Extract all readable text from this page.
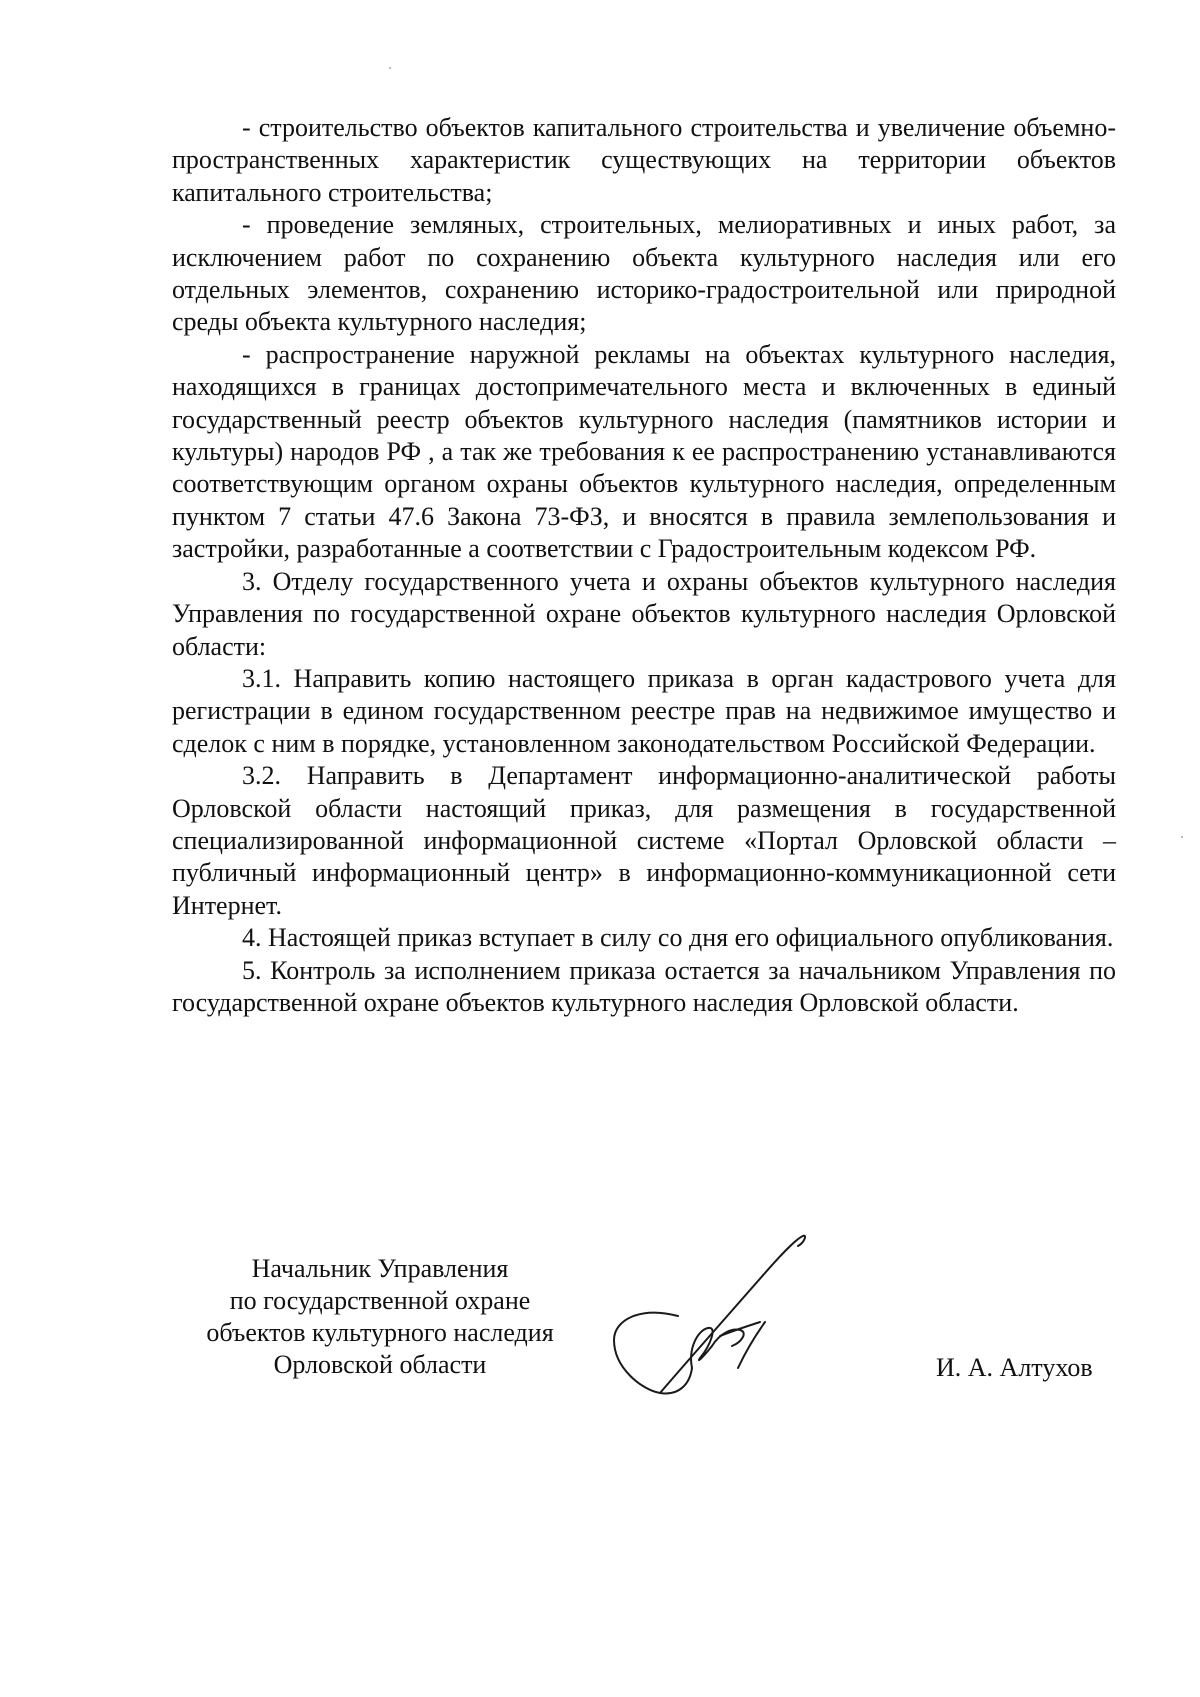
- строительство объектов капитального строительства и увеличение объемно-пространственных характеристик существующих на территории объектов капитального строительства;

- проведение земляных, строительных, мелиоративных и иных работ, за исключением работ по сохранению объекта культурного наследия или его отдельных элементов, сохранению историко-градостроительной или природной среды объекта культурного наследия;

- распространение наружной рекламы на объектах культурного наследия, находящихся в границах достопримечательного места и включенных в единый государственный реестр объектов культурного наследия (памятников истории и культуры) народов РФ , а так же требования к ее распространению устанавливаются соответствующим органом охраны объектов культурного наследия, определенным пунктом 7 статьи 47.6 Закона 73-ФЗ, и вносятся в правила землепользования и застройки, разработанные а соответствии с Градостроительным кодексом РФ.

3. Отделу государственного учета и охраны объектов культурного наследия Управления по государственной охране объектов культурного наследия Орловской области:

3.1. Направить копию настоящего приказа в орган кадастрового учета для регистрации в едином государственном реестре прав на недвижимое имущество и сделок с ним в порядке, установленном законодательством Российской Федерации.

3.2. Направить в Департамент информационно-аналитической работы Орловской области настоящий приказ, для размещения в государственной специализированной информационной системе «Портал Орловской области – публичный информационный центр» в информационно-коммуникационной сети Интернет.

4. Настоящей приказ вступает в силу со дня его официального опубликования.

5. Контроль за исполнением приказа остается за начальником Управления по государственной охране объектов культурного наследия Орловской области.

Начальник Управления
по государственной охране
объектов культурного наследия
Орловской области	И. А. Алтухов
